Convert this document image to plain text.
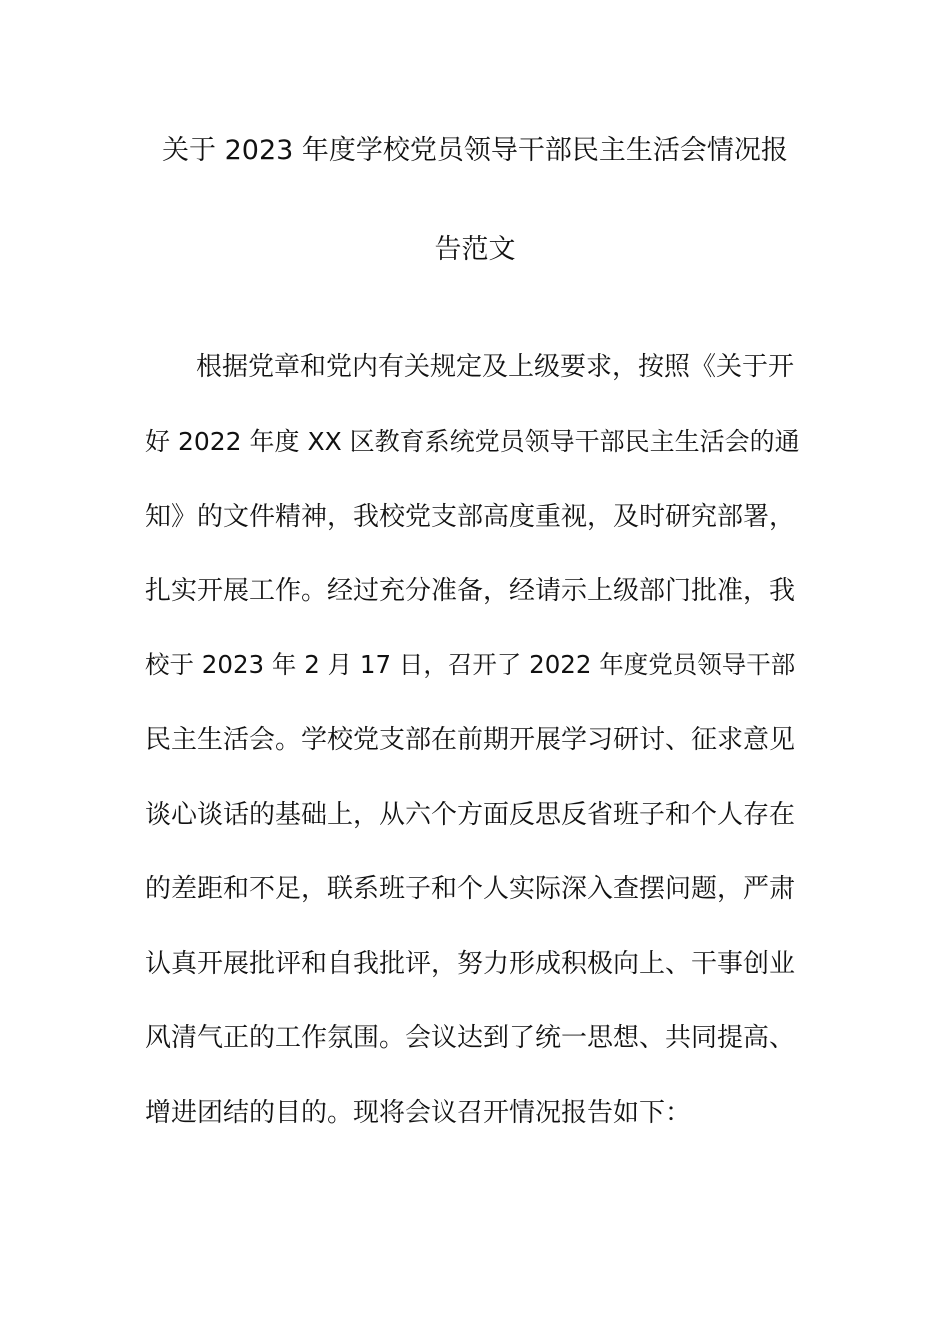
关于 2023 年度学校党员领导干部民主生活会情况报
告范文
根据党章和党内有关规定及上级要求，按照《关于开
好 2022 年度 XX 区教育系统党员领导干部民主生活会的通
知》的文件精神，我校党支部高度重视，及时研究部署，
扎实开展工作。经过充分准备，经请示上级部门批准，我
校于 2023 年 2 月 17 日，召开了 2022 年度党员领导干部
民主生活会。学校党支部在前期开展学习研讨、征求意见
谈心谈话的基础上，从六个方面反思反省班子和个人存在
的差距和不足，联系班子和个人实际深入查摆问题，严肃
认真开展批评和自我批评，努力形成积极向上、干事创业
风清气正的工作氛围。会议达到了统一思想、共同提高、
增进团结的目的。现将会议召开情况报告如下：
